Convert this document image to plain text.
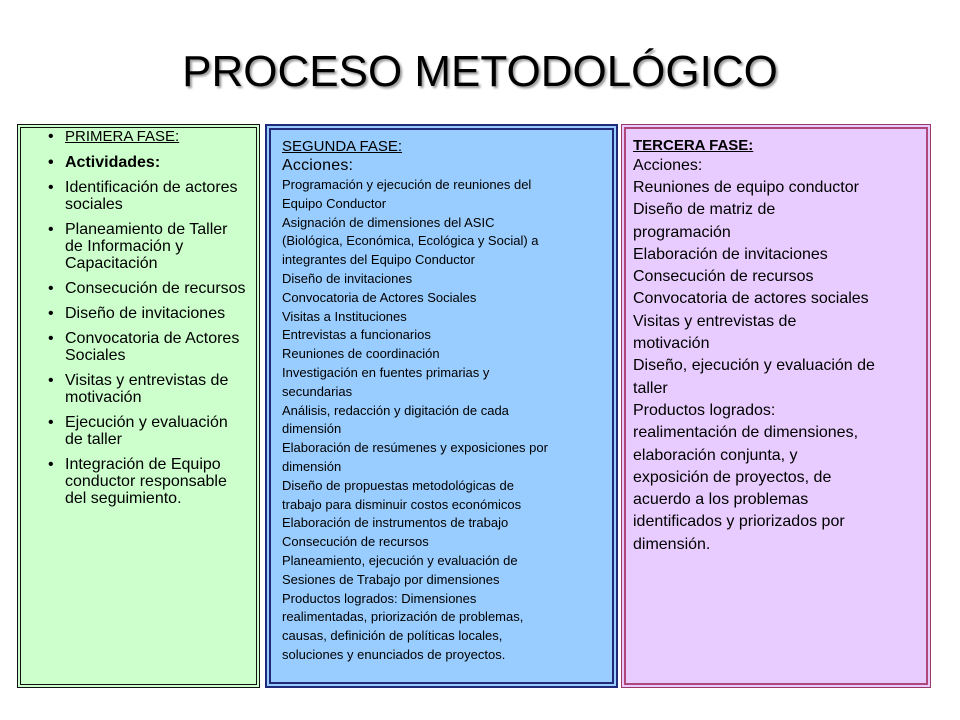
PROCESO METODOLÓGICO
• PRIMERA FASE:
• Actividades:
• Identificación de actores sociales
• Planeamiento de Taller de Información y Capacitación
• Consecución de recursos
• Diseño de invitaciones
• Convocatoria de Actores Sociales
• Visitas y entrevistas de motivación
• Ejecución y evaluación de taller
• Integración de Equipo conductor responsable del seguimiento.
SEGUNDA FASE:
Acciones:
Programación y ejecución de reuniones del
Equipo Conductor
Asignación de dimensiones del ASIC
(Biológica, Económica, Ecológica y Social) a
integrantes del Equipo Conductor
Diseño de invitaciones
Convocatoria de Actores Sociales
Visitas a Instituciones
Entrevistas a funcionarios
Reuniones de coordinación
Investigación en fuentes primarias y
secundarias
Análisis, redacción y digitación de cada
dimensión
Elaboración de resúmenes y exposiciones por
dimensión
Diseño de propuestas metodológicas de
trabajo para disminuir costos económicos
Elaboración de instrumentos de trabajo
Consecución de recursos
Planeamiento, ejecución y evaluación de
Sesiones de Trabajo por dimensiones
Productos logrados: Dimensiones
realimentadas, priorización de problemas,
causas, definición de políticas locales,
soluciones y enunciados de proyectos.
TERCERA FASE:
Acciones:
Reuniones de equipo conductor
Diseño de matriz de
programación
Elaboración de invitaciones
Consecución de recursos
Convocatoria de actores sociales
Visitas y entrevistas de
motivación
Diseño, ejecución y evaluación de
taller
Productos logrados:
realimentación de dimensiones,
elaboración conjunta, y
exposición de proyectos, de
acuerdo a los problemas
identificados y priorizados por
dimensión.
